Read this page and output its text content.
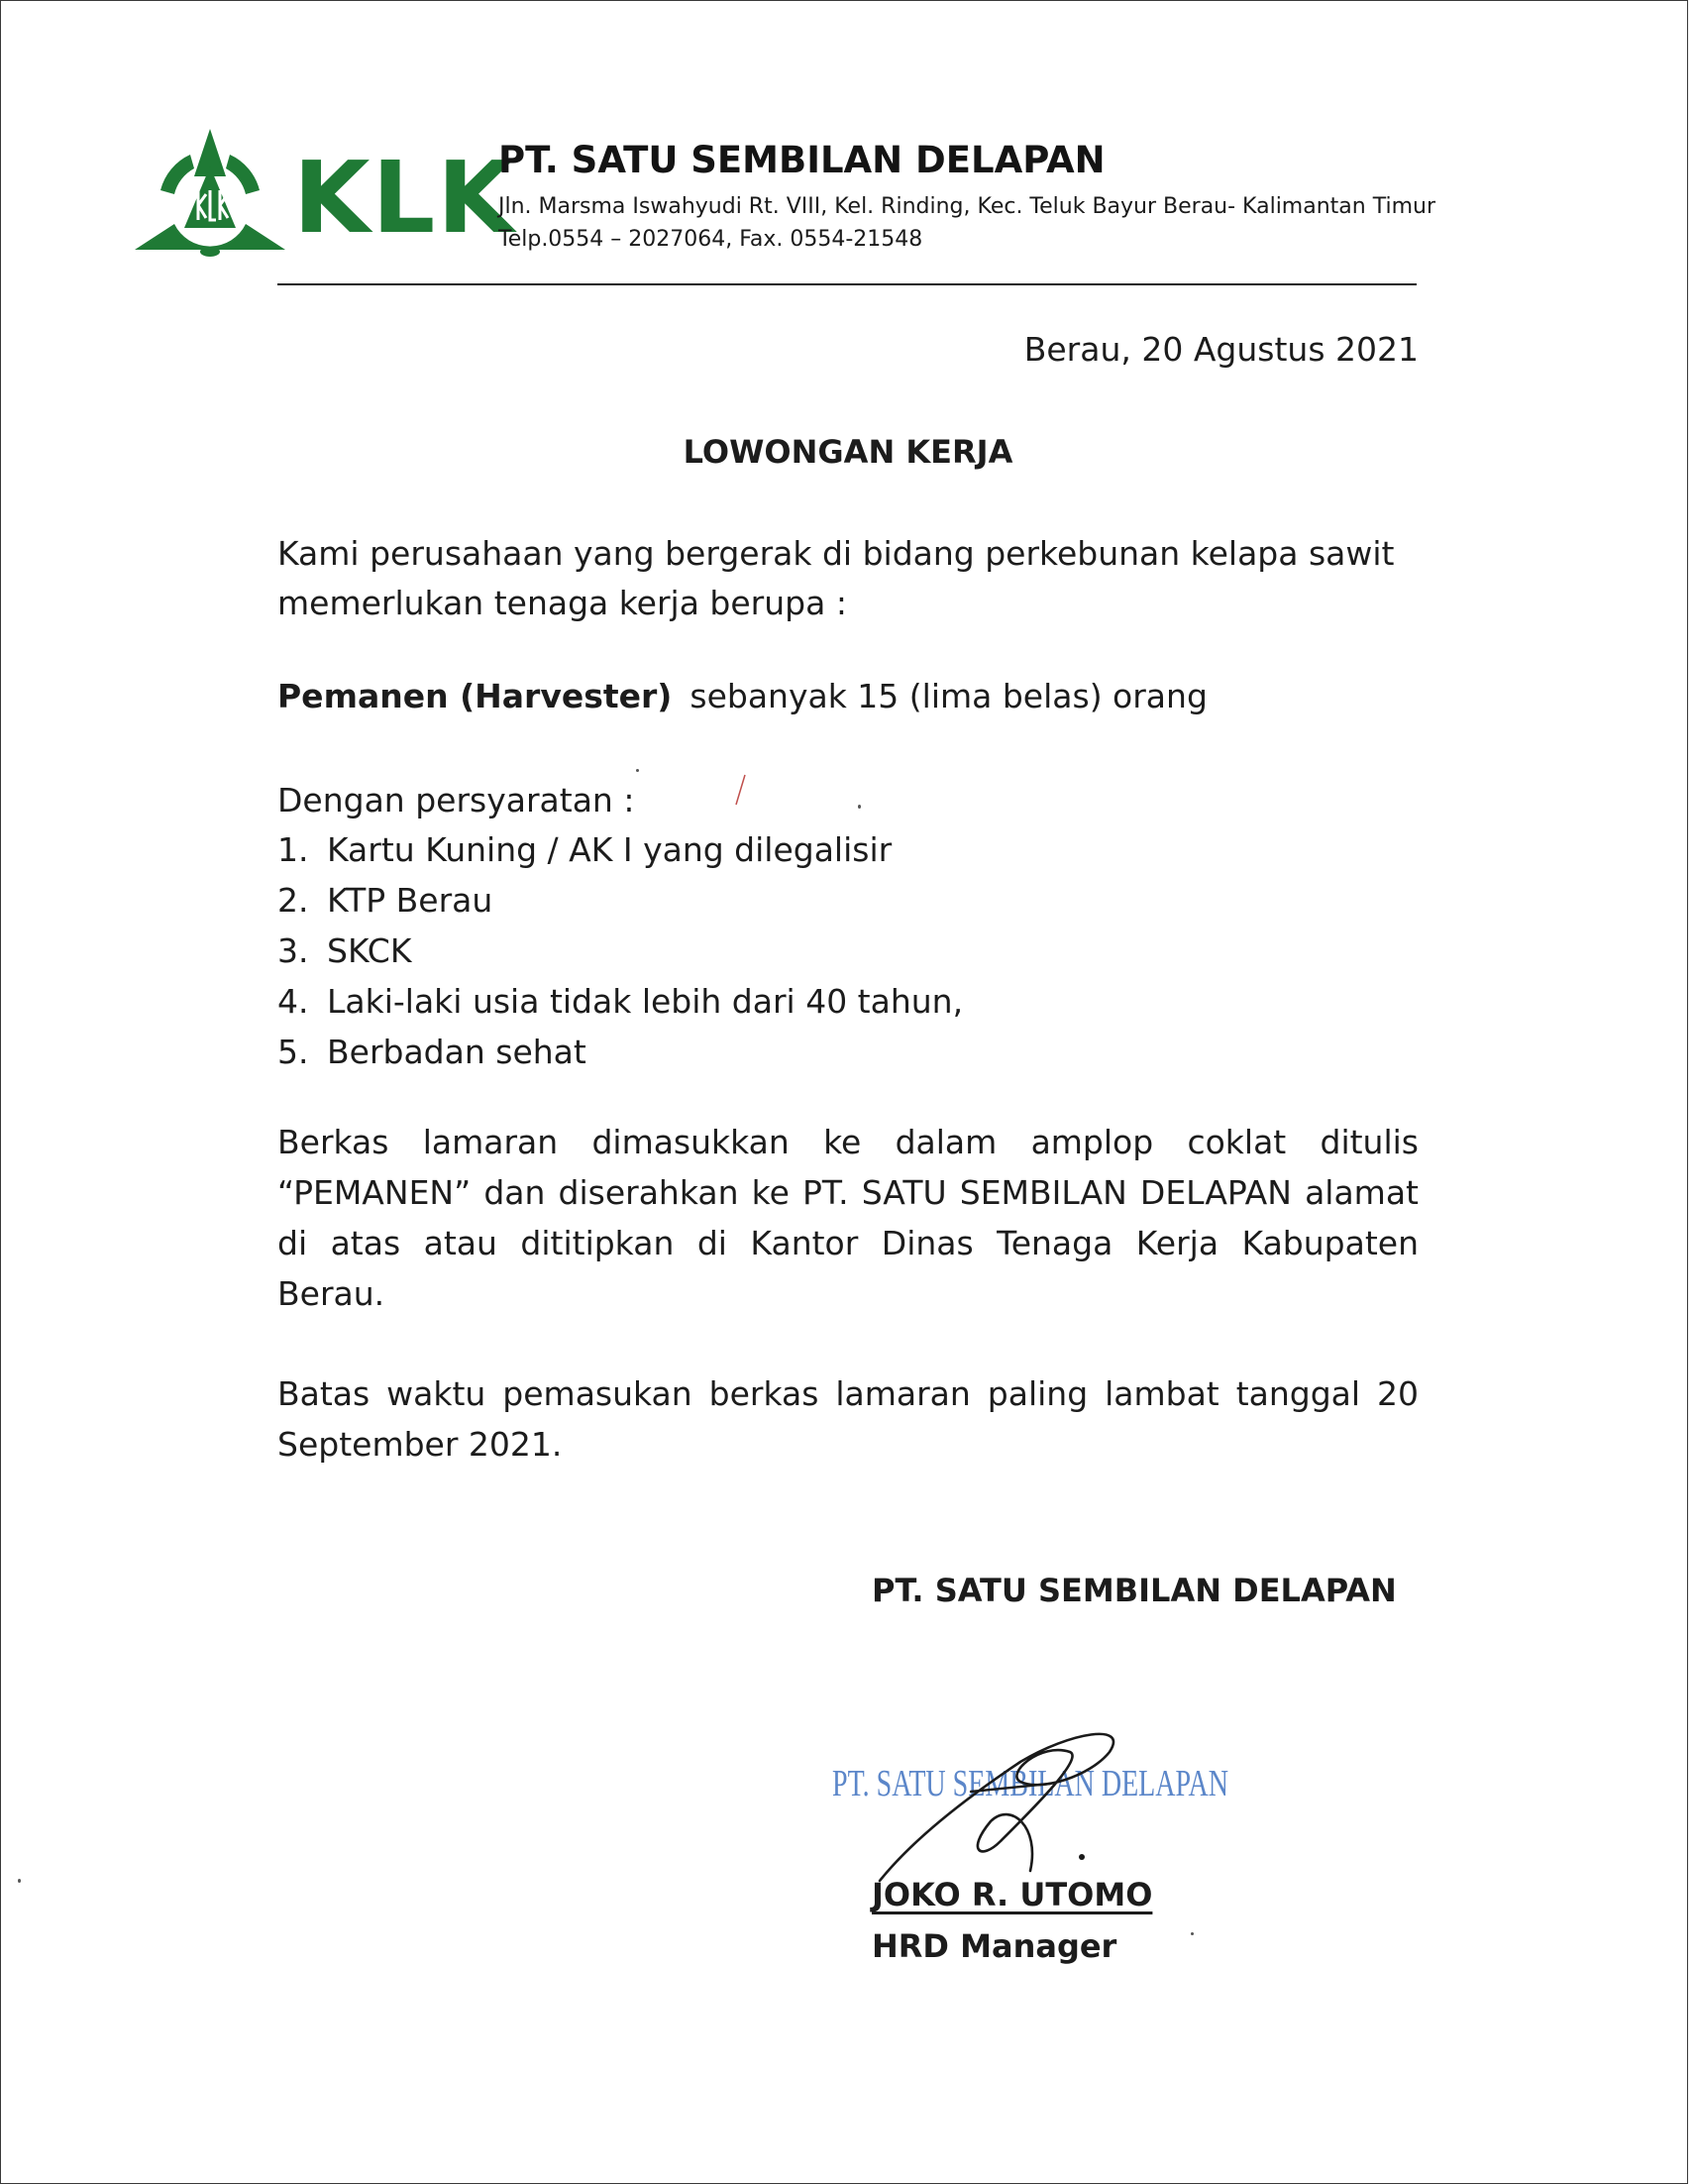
KLK
PT. SATU SEMBILAN DELAPAN
Jln. Marsma Iswahyudi Rt. VIII, Kel. Rinding, Kec. Teluk Bayur Berau- Kalimantan Timur
Telp.0554 – 2027064, Fax. 0554-21548
Berau, 20 Agustus 2021
LOWONGAN KERJA
Kami perusahaan yang bergerak di bidang perkebunan kelapa sawit
memerlukan tenaga kerja berupa :
Pemanen (Harvester) sebanyak 15 (lima belas) orang
Dengan persyaratan :
1. Kartu Kuning / AK I yang dilegalisir
2. KTP Berau
3. SKCK
4. Laki-laki usia tidak lebih dari 40 tahun,
5. Berbadan sehat

Berkas lamaran dimasukkan ke dalam amplop coklat ditulis “PEMANEN” dan diserahkan ke PT. SATU SEMBILAN DELAPAN alamat di atas atau dititipkan di Kantor Dinas Tenaga Kerja Kabupaten Berau.

Batas waktu pemasukan berkas lamaran paling lambat tanggal 20 September 2021.

PT. SATU SEMBILAN DELAPAN
PT. SATU SEMBILAN DELAPAN
JOKO R. UTOMO
HRD Manager
